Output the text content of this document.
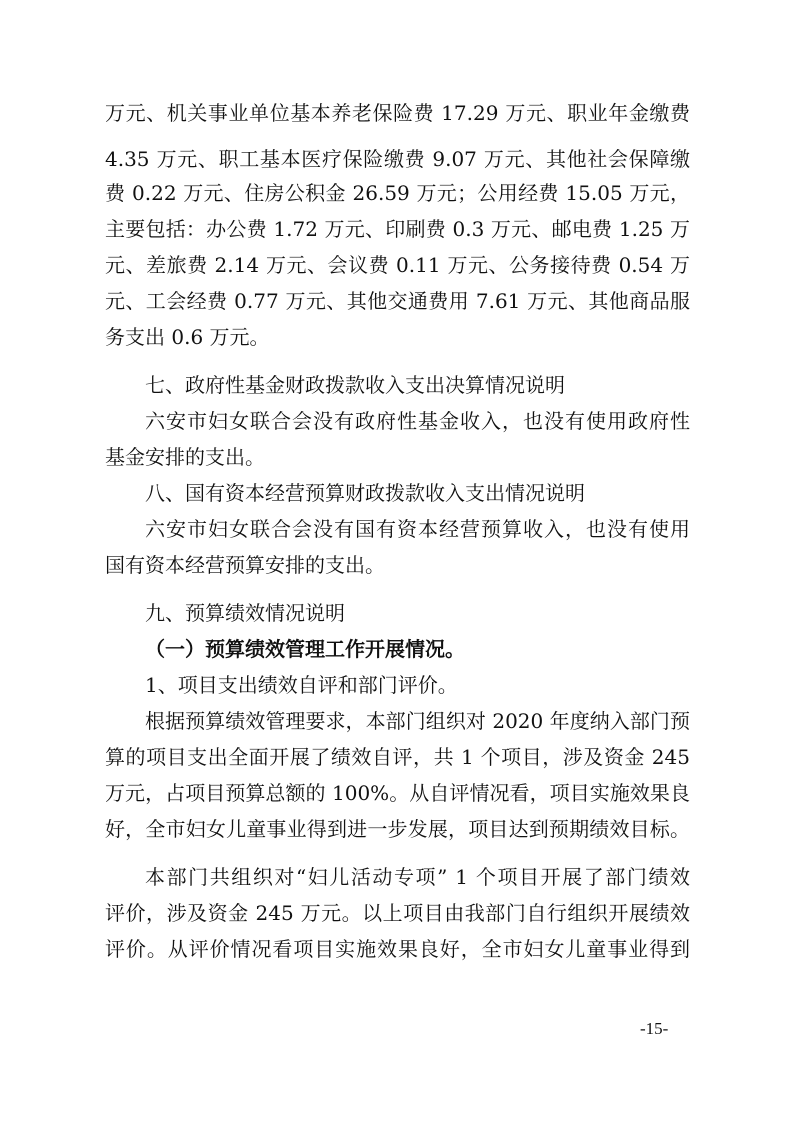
万元、机关事业单位基本养老保险费 17.29 万元、职业年金缴费
4.35 万元、职工基本医疗保险缴费 9.07 万元、其他社会保障缴
费 0.22 万元、住房公积金 26.59 万元；公用经费 15.05 万元，
主要包括：办公费 1.72 万元、印刷费 0.3 万元、邮电费 1.25 万
元、差旅费 2.14 万元、会议费 0.11 万元、公务接待费 0.54 万
元、工会经费 0.77 万元、其他交通费用 7.61 万元、其他商品服
务支出 0.6 万元。
七、政府性基金财政拨款收入支出决算情况说明
六安市妇女联合会没有政府性基金收入，也没有使用政府性
基金安排的支出。
八、国有资本经营预算财政拨款收入支出情况说明
六安市妇女联合会没有国有资本经营预算收入，也没有使用
国有资本经营预算安排的支出。
九、预算绩效情况说明
（一）预算绩效管理工作开展情况。
1、项目支出绩效自评和部门评价。
根据预算绩效管理要求，本部门组织对 2020 年度纳入部门预
算的项目支出全面开展了绩效自评，共 1 个项目，涉及资金 245
万元，占项目预算总额的 100%。从自评情况看，项目实施效果良
好，全市妇女儿童事业得到进一步发展，项目达到预期绩效目标。
本部门共组织对“妇儿活动专项” 1 个项目开展了部门绩效
评价，涉及资金 245 万元。以上项目由我部门自行组织开展绩效
评价。从评价情况看项目实施效果良好，全市妇女儿童事业得到
-15-
